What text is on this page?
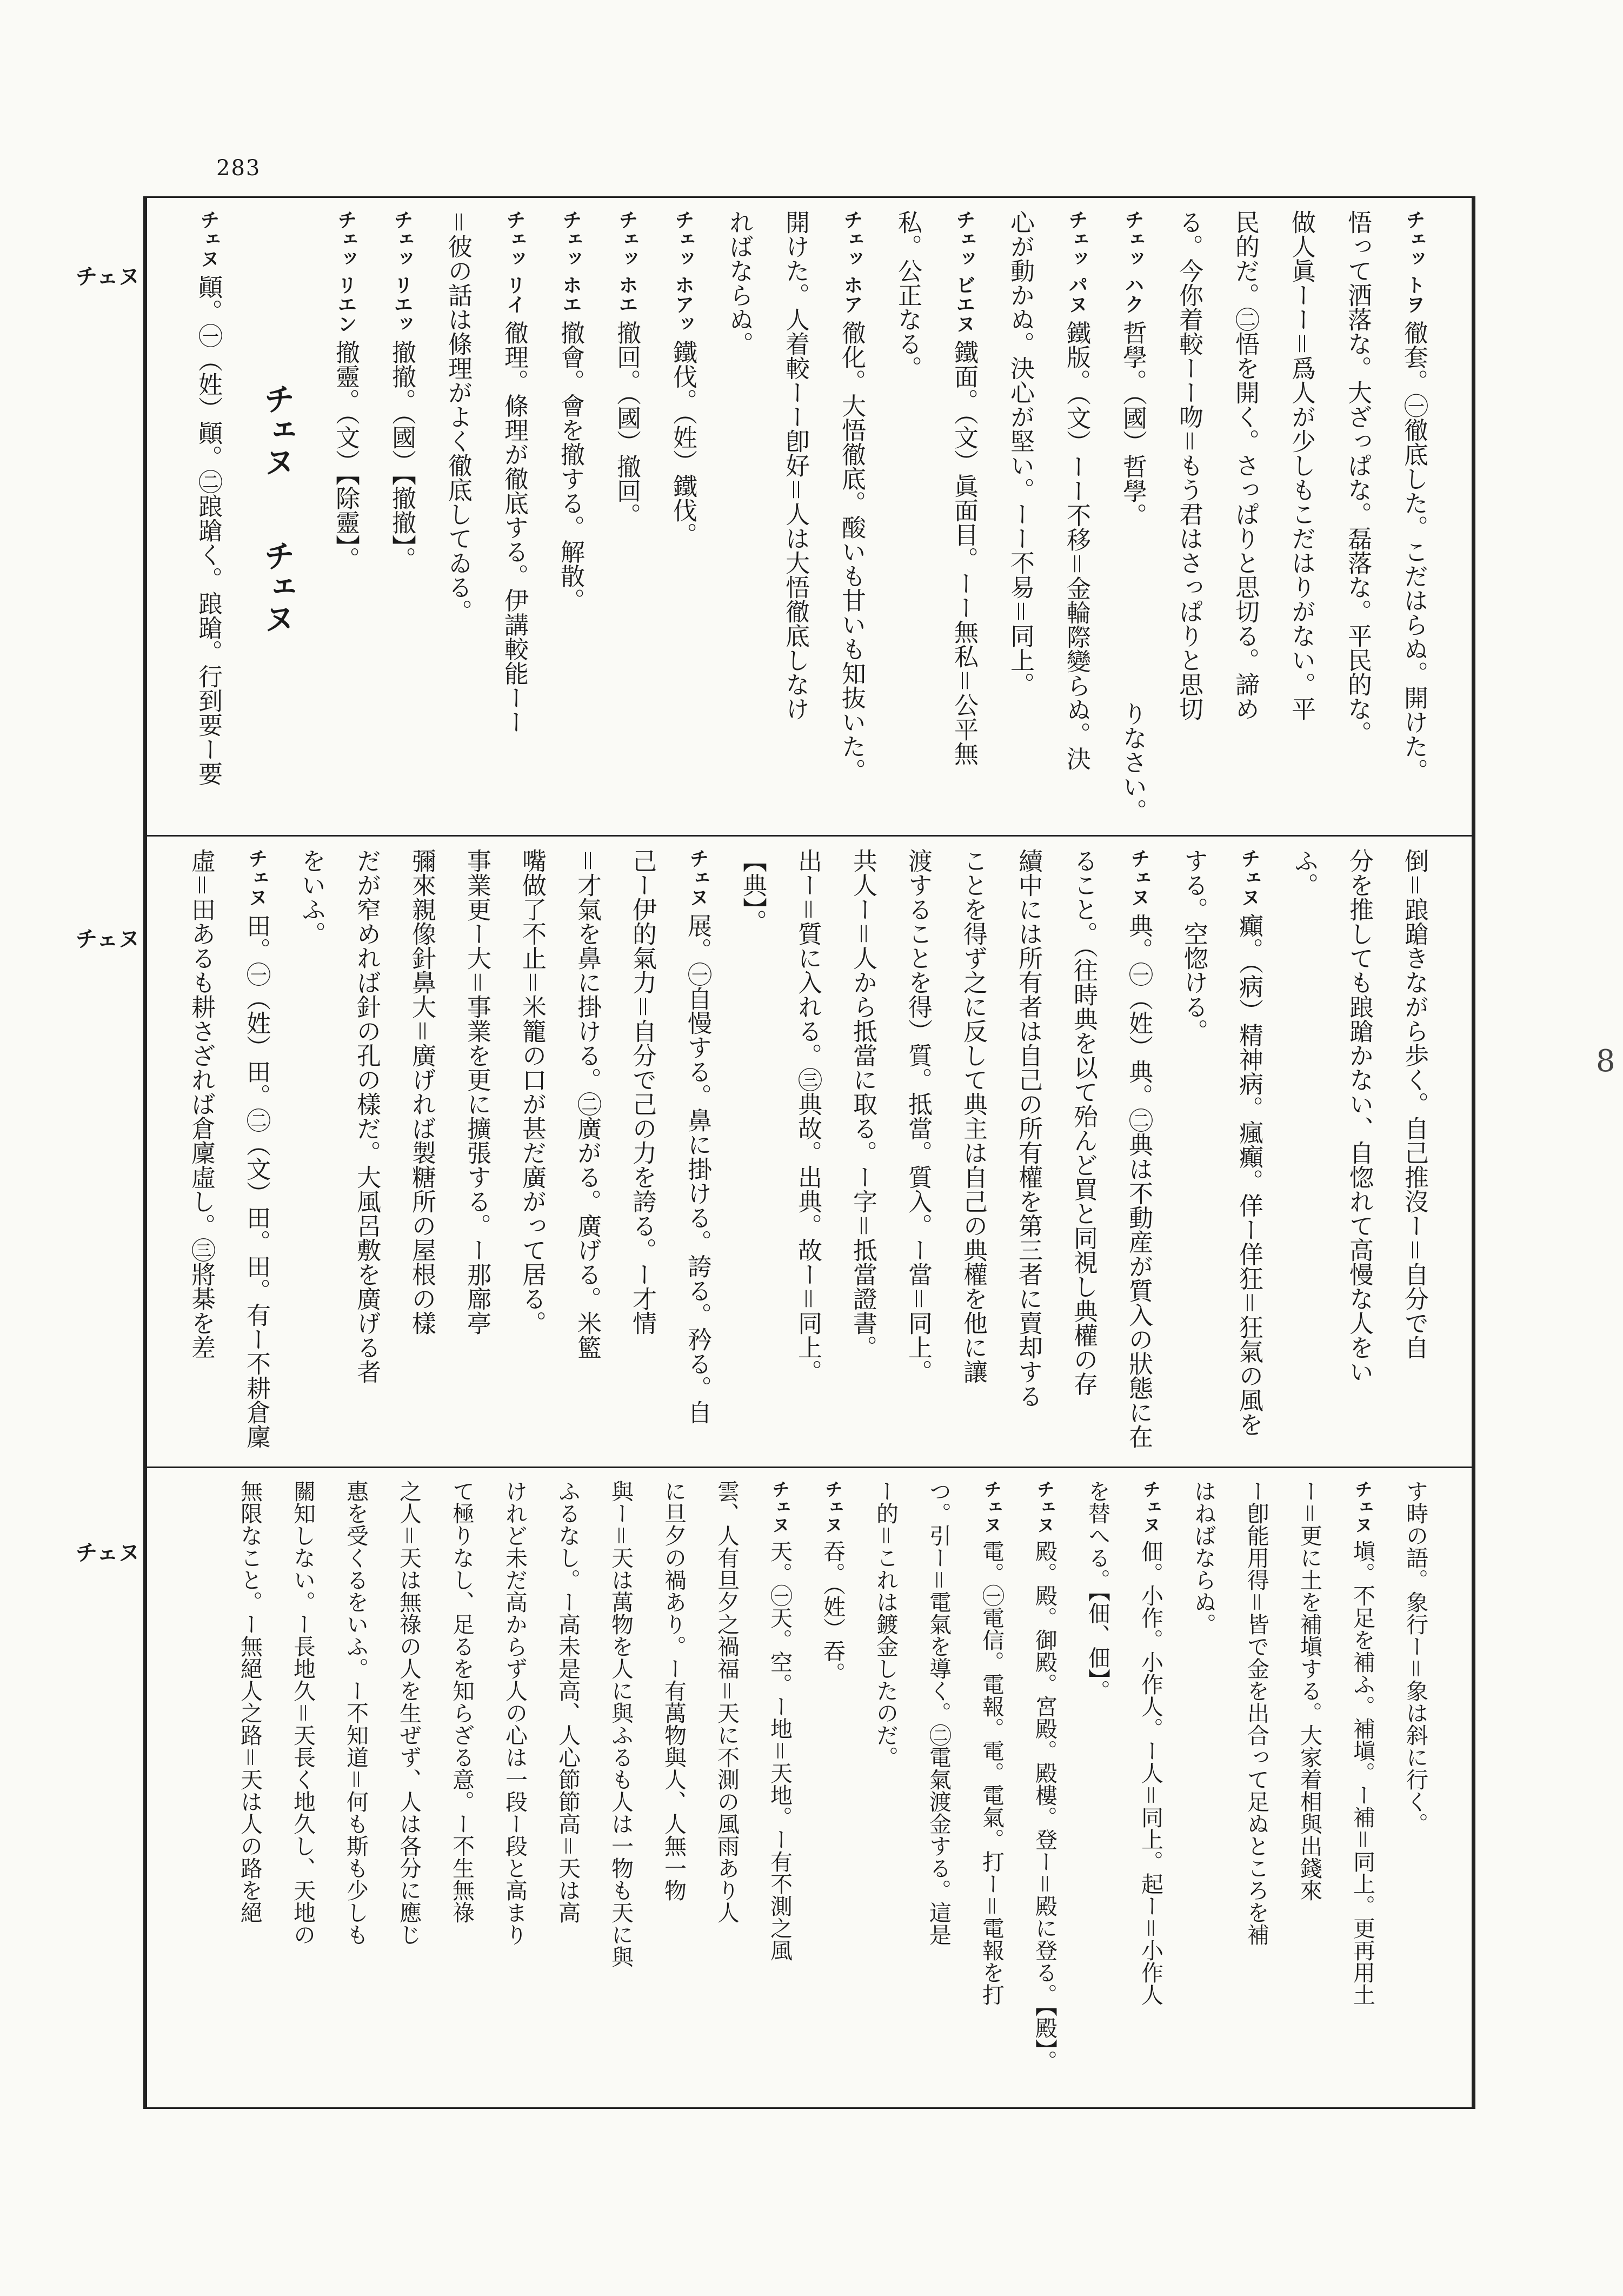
283
8
チェヌ
チェヌ
チェヌ
チェッ トヲ徹套。㊀徹底した。こだはらぬ。開けた。
悟って洒落な。大ざっぱな。磊落な。平民的な。
做人眞ーー＝爲人が少しもこだはりがない。平
民的だ。㊁悟を開く。さっぱりと思切る。諦め
る。今你着較ーー吻＝もう君はさっぱりと思切
チェッ ハク哲學。（國）哲學。
りなさい。
チェッ パヌ鐵版。（文）ーー不移＝金輪際變らぬ。決
心が動かぬ。決心が堅い。ーー不易＝同上。
チェッ ビエヌ鐵面。（文）眞面目。ーー無私＝公平無
私。公正なる。
チェッ ホア徹化。大悟徹底。酸いも甘いも知抜いた。
開けた。人着較ーー卽好＝人は大悟徹底しなけ
ればならぬ。
チェッ ホアッ鐵伐。（姓）鐵伐。
チェッ ホエ撤回。（國）撤回。
チェッ ホエ撤會。會を撤する。解散。
チェッ リイ徹理。條理が徹底する。伊講較能ーー
＝彼の話は條理がよく徹底してゐる。
チェッ リエッ撤撤。（國）【撤撤】。
チェッ リエン撤靈。（文）【除靈】。
チェヌ　　チェヌ
チェヌ顚。㊀（姓）顚。㊁踉蹌く。踉蹌。行到要ー要
倒＝踉蹌きながら歩く。自己推沒ー＝自分で自
分を推しても踉蹌かない、自惚れて高慢な人をい
ふ。
チェヌ癲。（病）精神病。瘋癲。佯ー佯狂＝狂氣の風を
する。空惚ける。
チェヌ典。㊀（姓）典。㊁典は不動産が質入の狀態に在
ること。（往時典を以て殆んど買と同視し典權の存
續中には所有者は自己の所有權を第三者に賣却する
ことを得ず之に反して典主は自己の典權を他に讓
渡することを得）質。抵當。質入。ー當＝同上。
共人ー＝人から抵當に取る。ー字＝抵當證書。
出ー＝質に入れる。㊂典故。出典。故ー＝同上。
【典】。
チェヌ展。㊀自慢する。鼻に掛ける。誇る。矜る。自
己ー伊的氣力＝自分で己の力を誇る。ー才情
＝才氣を鼻に掛ける。㊁廣がる。廣げる。米籃
嘴做了不止＝米籠の口が甚だ廣がって居る。
事業更ー大＝事業を更に擴張する。ー那廍亭
彌來親像針鼻大＝廣げれば製糖所の屋根の樣
だが窄めれば針の孔の樣だ。大風呂敷を廣げる者
をいふ。
チェヌ田。㊀（姓）田。㊁（文）田。田。有ー不耕倉廩
虛＝田あるも耕さざれば倉廩虛し。㊂將棊を差
す時の語。象行ー＝象は斜に行く。
チェヌ塡。不足を補ふ。補塡。ー補＝同上。更再用土
ー＝更に土を補塡する。大家着相與出錢來
ー卽能用得＝皆で金を出合って足ぬところを補
はねばならぬ。
チェヌ佃。小作。小作人。ー人＝同上。起ー＝小作人
を替へる。【佃、佃】。
チェヌ殿。殿。御殿。宮殿。殿樓。登ー＝殿に登る。【殿】。
チェヌ電。㊀電信。電報。電。電氣。打ー＝電報を打
つ。引ー＝電氣を導く。㊁電氣渡金する。這是
ー的＝これは鍍金したのだ。
チェヌ吞。（姓）吞。
チェヌ天。㊀天。空。ー地＝天地。ー有不測之風
雲、人有旦夕之禍福＝天に不測の風雨あり人
に旦夕の禍あり。ー有萬物與人、人無一物
與ー＝天は萬物を人に與ふるも人は一物も天に與
ふるなし。ー高未是高、人心節節高＝天は高
けれど未だ高からず人の心は一段ー段と高まり
て極りなし、足るを知らざる意。ー不生無祿
之人＝天は無祿の人を生ぜず、人は各分に應じ
惠を受くるをいふ。ー不知道＝何も斯も少しも
關知しない。ー長地久＝天長く地久し、天地の
無限なこと。ー無絕人之路＝天は人の路を絕
